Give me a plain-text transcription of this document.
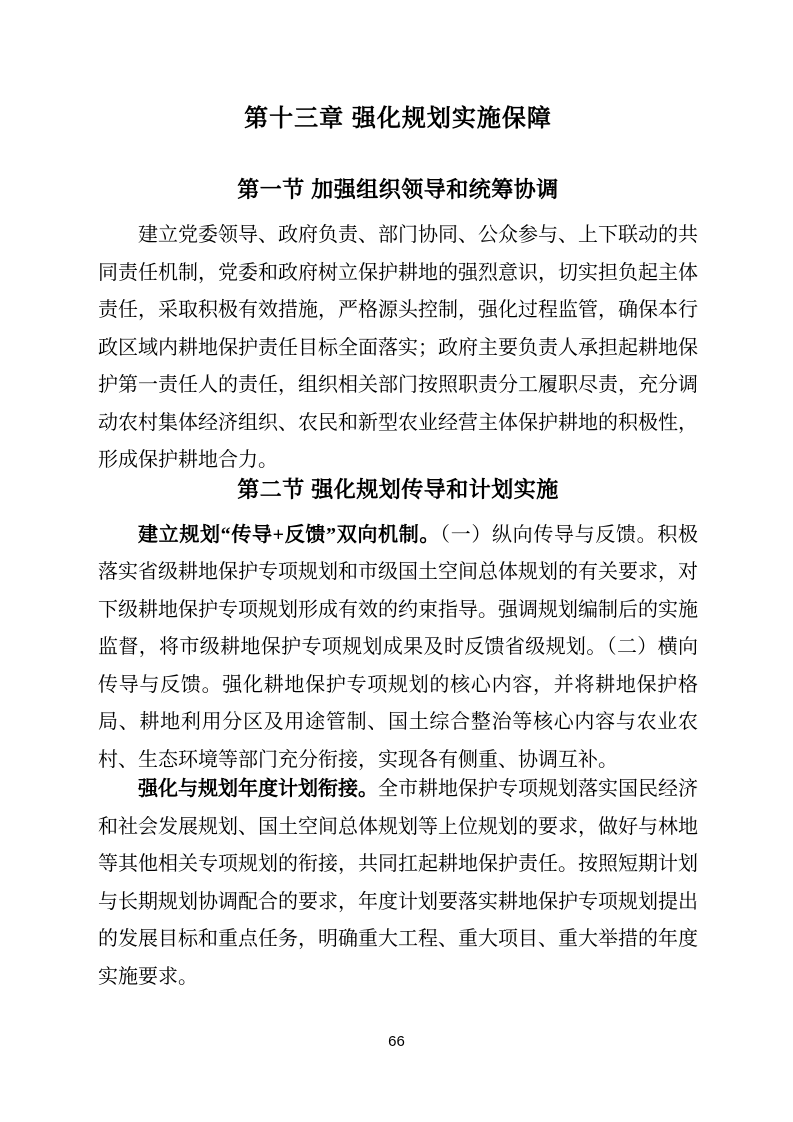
第十三章 强化规划实施保障
第一节 加强组织领导和统筹协调

建立党委领导、政府负责、部门协同、公众参与、上下联动的共同责任机制，党委和政府树立保护耕地的强烈意识，切实担负起主体责任，采取积极有效措施，严格源头控制，强化过程监管，确保本行政区域内耕地保护责任目标全面落实；政府主要负责人承担起耕地保护第一责任人的责任，组织相关部门按照职责分工履职尽责，充分调动农村集体经济组织、农民和新型农业经营主体保护耕地的积极性，形成保护耕地合力。

第二节 强化规划传导和计划实施

建立规划“传导+反馈”双向机制。（一）纵向传导与反馈。积极落实省级耕地保护专项规划和市级国土空间总体规划的有关要求，对下级耕地保护专项规划形成有效的约束指导。强调规划编制后的实施监督，将市级耕地保护专项规划成果及时反馈省级规划。（二）横向传导与反馈。强化耕地保护专项规划的核心内容，并将耕地保护格局、耕地利用分区及用途管制、国土综合整治等核心内容与农业农村、生态环境等部门充分衔接，实现各有侧重、协调互补。

强化与规划年度计划衔接。全市耕地保护专项规划落实国民经济和社会发展规划、国土空间总体规划等上位规划的要求，做好与林地等其他相关专项规划的衔接，共同扛起耕地保护责任。按照短期计划与长期规划协调配合的要求，年度计划要落实耕地保护专项规划提出的发展目标和重点任务，明确重大工程、重大项目、重大举措的年度实施要求。

66
